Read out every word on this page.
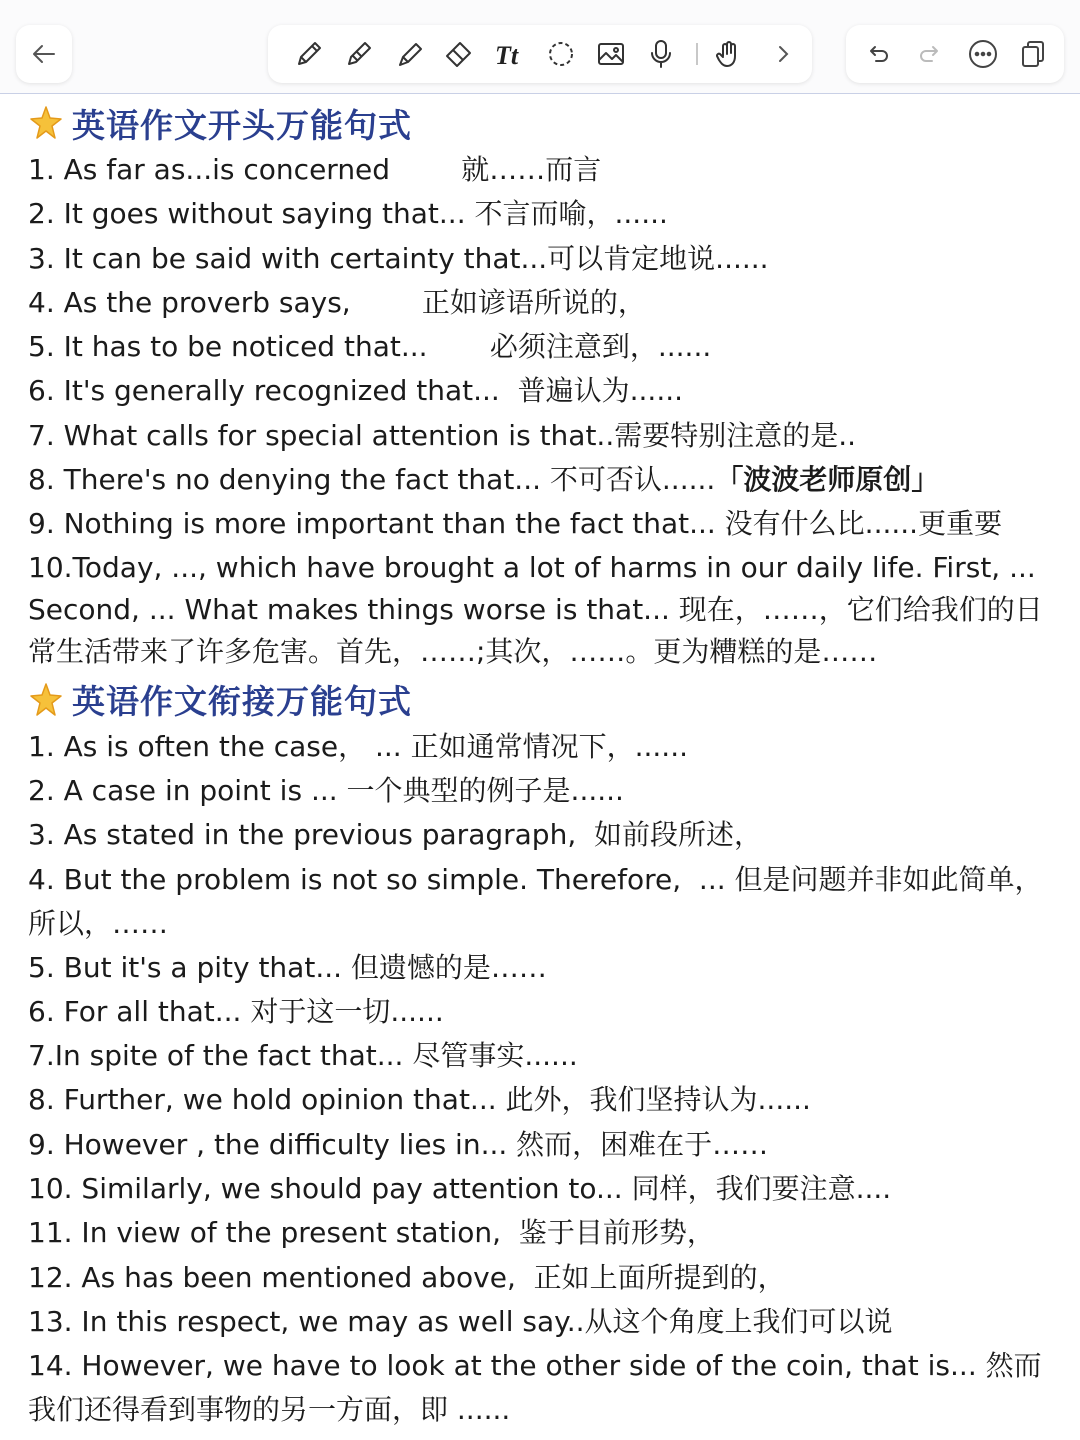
Tt
英语作文开头万能句式
1. As far as...is concerned        就……而言
2. It goes without saying that... 不言而喻，......
3. It can be said with certainty that...可以肯定地说......
4. As the proverb says,        正如谚语所说的，
5. It has to be noticed that...       必须注意到，......
6. It's generally recognized that...  普遍认为......
7. What calls for special attention is that..需要特别注意的是..
8. There's no denying the fact that... 不可否认......「波波老师原创」
9. Nothing is more important than the fact that... 没有什么比......更重要
10.Today, ..., which have brought a lot of harms in our daily life. First, ... Second, ... What makes things worse is that... 现在，……，它们给我们的日常生活带来了许多危害。首先，……;其次，……。更为糟糕的是……
英语作文衔接万能句式
1. As is often the case， ... 正如通常情况下，......
2. A case in point is ... 一个典型的例子是......
3. As stated in the previous paragraph,  如前段所述，
4. But the problem is not so simple. Therefore,  ... 但是问题并非如此简单，所以，……
5. But it's a pity that... 但遗憾的是……
6. For all that... 对于这一切......
7.In spite of the fact that... 尽管事实......
8. Further, we hold opinion that... 此外，我们坚持认为......
9. However , the difficulty lies in... 然而，困难在于……
10. Similarly, we should pay attention to... 同样，我们要注意....
11. In view of the present station,  鉴于目前形势，
12. As has been mentioned above,  正如上面所提到的，
13. In this respect, we may as well say..从这个角度上我们可以说
14. However, we have to look at the other side of the coin, that is... 然而我们还得看到事物的另一方面，即 ......
